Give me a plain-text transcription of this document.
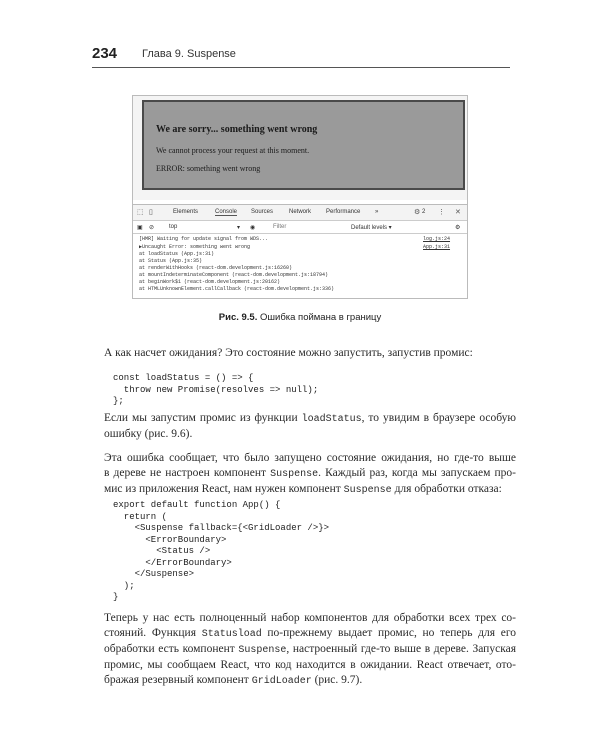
234 Глава 9. Suspense
We are sorry... something went wrong
We cannot process your request at this moment.
ERROR: something went wrong
⬚ ▯	Elements	Console Sources	Network Performance »	⚙ 2 ⋮ ✕
▣ ⊘ top	▾ ◉	Filter	Default levels ▾	⚙
[HMR] Waiting for update signal from WDS...	log.js:24
▶Uncaught Error: something went wrong	App.js:31
at loadStatus (App.js:31)
at Status (App.js:35)
at renderWithHooks (react-dom.development.js:16260)
at mountIndeterminateComponent (react-dom.development.js:18794)
at beginWork$1 (react-dom.development.js:20162)
at HTMLUnknownElement.callCallback (react-dom.development.js:336)
Рис. 9.5. Ошибка поймана в границу
А как насчет ожидания? Это состояние можно запустить, запустив промис:
const loadStatus = () => {
throw new Promise(resolves => null);
};
Если мы запустим промис из функции loadStatus, то увидим в браузере особую
ошибку (рис. 9.6).
Эта ошибка сообщает, что было запущено состояние ожидания, но где-то выше
в дереве не настроен компонент Suspense. Каждый раз, когда мы запускаем про-
мис из приложения React, нам нужен компонент Suspense для обработки отказа:
export default function App() {
return (
<Suspense fallback={<GridLoader />}>
<ErrorBoundary>
<Status />
</ErrorBoundary>
</Suspense>
);
}
Теперь у нас есть полноценный набор компонентов для обработки всех трех со-
стояний. Функция Statusload по-прежнему выдает промис, но теперь для его
обработки есть компонент Suspense, настроенный где-то выше в дереве. Запуская
промис, мы сообщаем React, что код находится в ожидании. React отвечает, ото-
бражая резервный компонент GridLoader (рис. 9.7).
